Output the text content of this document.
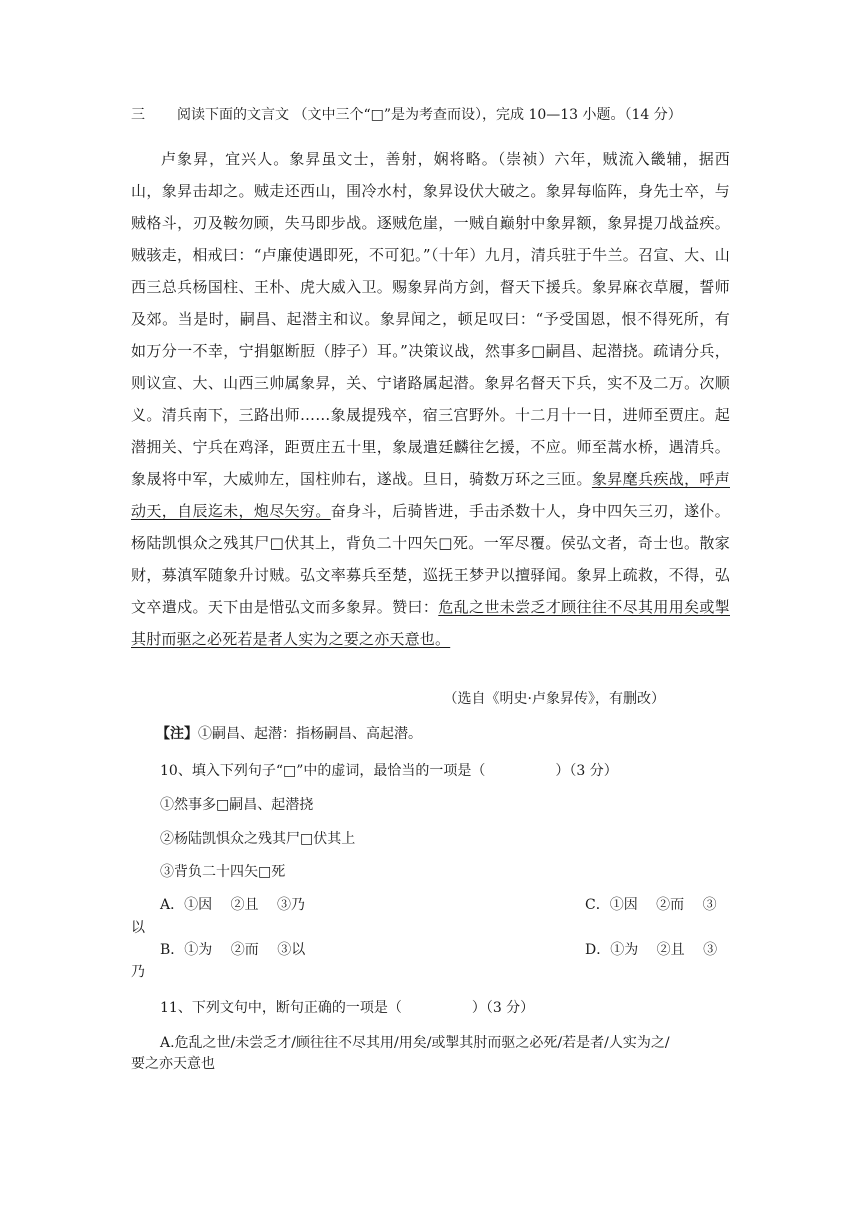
三 阅读下面的文言文 （文中三个“□”是为考查而设），完成 10—13 小题。（14 分）
卢象昇，宜兴人。象昇虽文士，善射，娴将略。（崇祯）六年，贼流入畿辅，据西山，象昇击却之。贼走还西山，围冷水村，象昇设伏大破之。象昇每临阵，身先士卒，与贼格斗，刃及鞍勿顾，失马即步战。逐贼危崖，一贼自巅射中象昇额，象昇提刀战益疾。贼骇走，相戒曰：“卢廉使遇即死，不可犯。”（十年）九月，清兵驻于牛兰。召宣、大、山西三总兵杨国柱、王朴、虎大威入卫。赐象昇尚方剑，督天下援兵。象昇麻衣草履，誓师及郊。当是时，嗣昌、起潜主和议。象昇闻之，顿足叹曰：“予受国恩，恨不得死所，有如万分一不幸，宁捐躯断脰（脖子）耳。”决策议战，然事多□嗣昌、起潜挠。疏请分兵，则议宣、大、山西三帅属象昇，关、宁诸路属起潜。象昇名督天下兵，实不及二万。次顺义。清兵南下，三路出师……象晟提残卒，宿三宫野外。十二月十一日，进师至贾庄。起潜拥关、宁兵在鸡泽，距贾庄五十里，象晟遣廷麟往乞援，不应。师至蒿水桥，遇清兵。象晟将中军，大威帅左，国柱帅右，遂战。旦日，骑数万环之三匝。象昇麾兵疾战，呼声动天，自辰迄未，炮尽矢穷。奋身斗，后骑皆进，手击杀数十人，身中四矢三刃，遂仆。杨陆凯惧众之残其尸□伏其上，背负二十四矢□死。一军尽覆。侯弘文者，奇士也。散家财，募滇军随象升讨贼。弘文率募兵至楚，巡抚王梦尹以擅驿闻。象昇上疏救，不得，弘文卒遣戍。天下由是惜弘文而多象昇。赞曰：危乱之世未尝乏才顾往往不尽其用用矣或掣其肘而驱之必死若是者人实为之要之亦天意也。
（选自《明史·卢象昇传》，有删改）
【注】①嗣昌、起潜：指杨嗣昌、高起潜。
10、填入下列句子“□”中的虚词，最恰当的一项是（	）（3 分）
①然事多□嗣昌、起潜挠
②杨陆凯惧众之残其尸□伏其上
③背负二十四矢□死
A．①因　 ②且　 ③乃	C．①因　 ②而　 ③
以
B．①为　 ②而　 ③以	D．①为　 ②且　 ③
乃
11、下列文句中，断句正确的一项是（	）（3 分）
A.危乱之世/未尝乏才/顾往往不尽其用/用矣/或掣其肘而驱之必死/若是者/人实为之/
要之亦天意也
